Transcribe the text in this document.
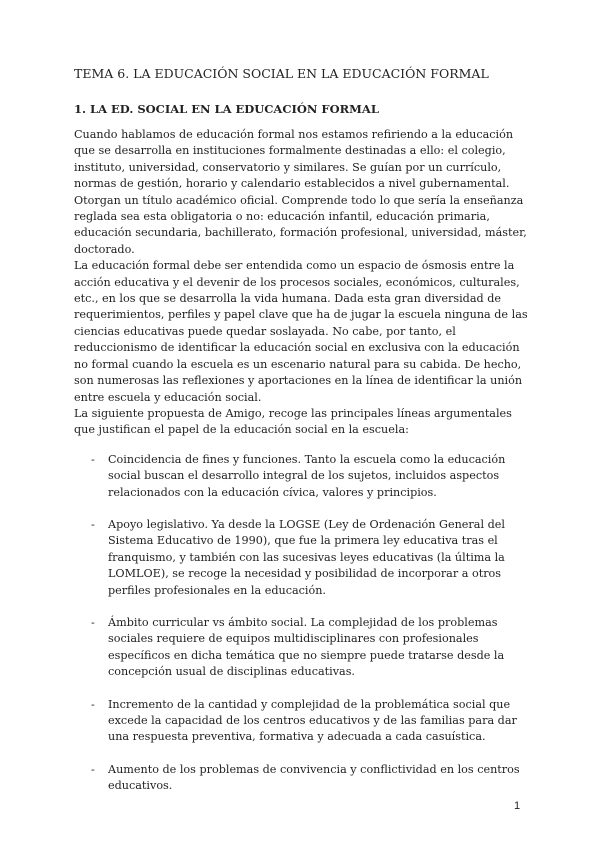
TEMA 6. LA EDUCACIÓN SOCIAL EN LA EDUCACIÓN FORMAL
1. LA ED. SOCIAL EN LA EDUCACIÓN FORMAL

Cuando hablamos de educación formal nos estamos refiriendo a la educación que se desarrolla en instituciones formalmente destinadas a ello: el colegio, instituto, universidad, conservatorio y similares. Se guían por un currículo, normas de gestión, horario y calendario establecidos a nivel gubernamental. Otorgan un título académico oficial. Comprende todo lo que sería la enseñanza reglada sea esta obligatoria o no: educación infantil, educación primaria, educación secundaria, bachillerato, formación profesional, universidad, máster, doctorado.

La educación formal debe ser entendida como un espacio de ósmosis entre la acción educativa y el devenir de los procesos sociales, económicos, culturales, etc., en los que se desarrolla la vida humana. Dada esta gran diversidad de requerimientos, perfiles y papel clave que ha de jugar la escuela ninguna de las ciencias educativas puede quedar soslayada. No cabe, por tanto, el reduccionismo de identificar la educación social en exclusiva con la educación no formal cuando la escuela es un escenario natural para su cabida. De hecho, son numerosas las reflexiones y aportaciones en la línea de identificar la unión entre escuela y educación social.

La siguiente propuesta de Amigo, recoge las principales líneas argumentales que justifican el papel de la educación social en la escuela:

- Coincidencia de fines y funciones. Tanto la escuela como la educación social buscan el desarrollo integral de los sujetos, incluidos aspectos relacionados con la educación cívica, valores y principios.
- Apoyo legislativo. Ya desde la LOGSE (Ley de Ordenación General del Sistema Educativo de 1990), que fue la primera ley educativa tras el franquismo, y también con las sucesivas leyes educativas (la última la LOMLOE), se recoge la necesidad y posibilidad de incorporar a otros perfiles profesionales en la educación.
- Ámbito curricular vs ámbito social. La complejidad de los problemas sociales requiere de equipos multidisciplinares con profesionales específicos en dicha temática que no siempre puede tratarse desde la concepción usual de disciplinas educativas.
- Incremento de la cantidad y complejidad de la problemática social que excede la capacidad de los centros educativos y de las familias para dar una respuesta preventiva, formativa y adecuada a cada casuística.
- Aumento de los problemas de convivencia y conflictividad en los centros educativos.
1
